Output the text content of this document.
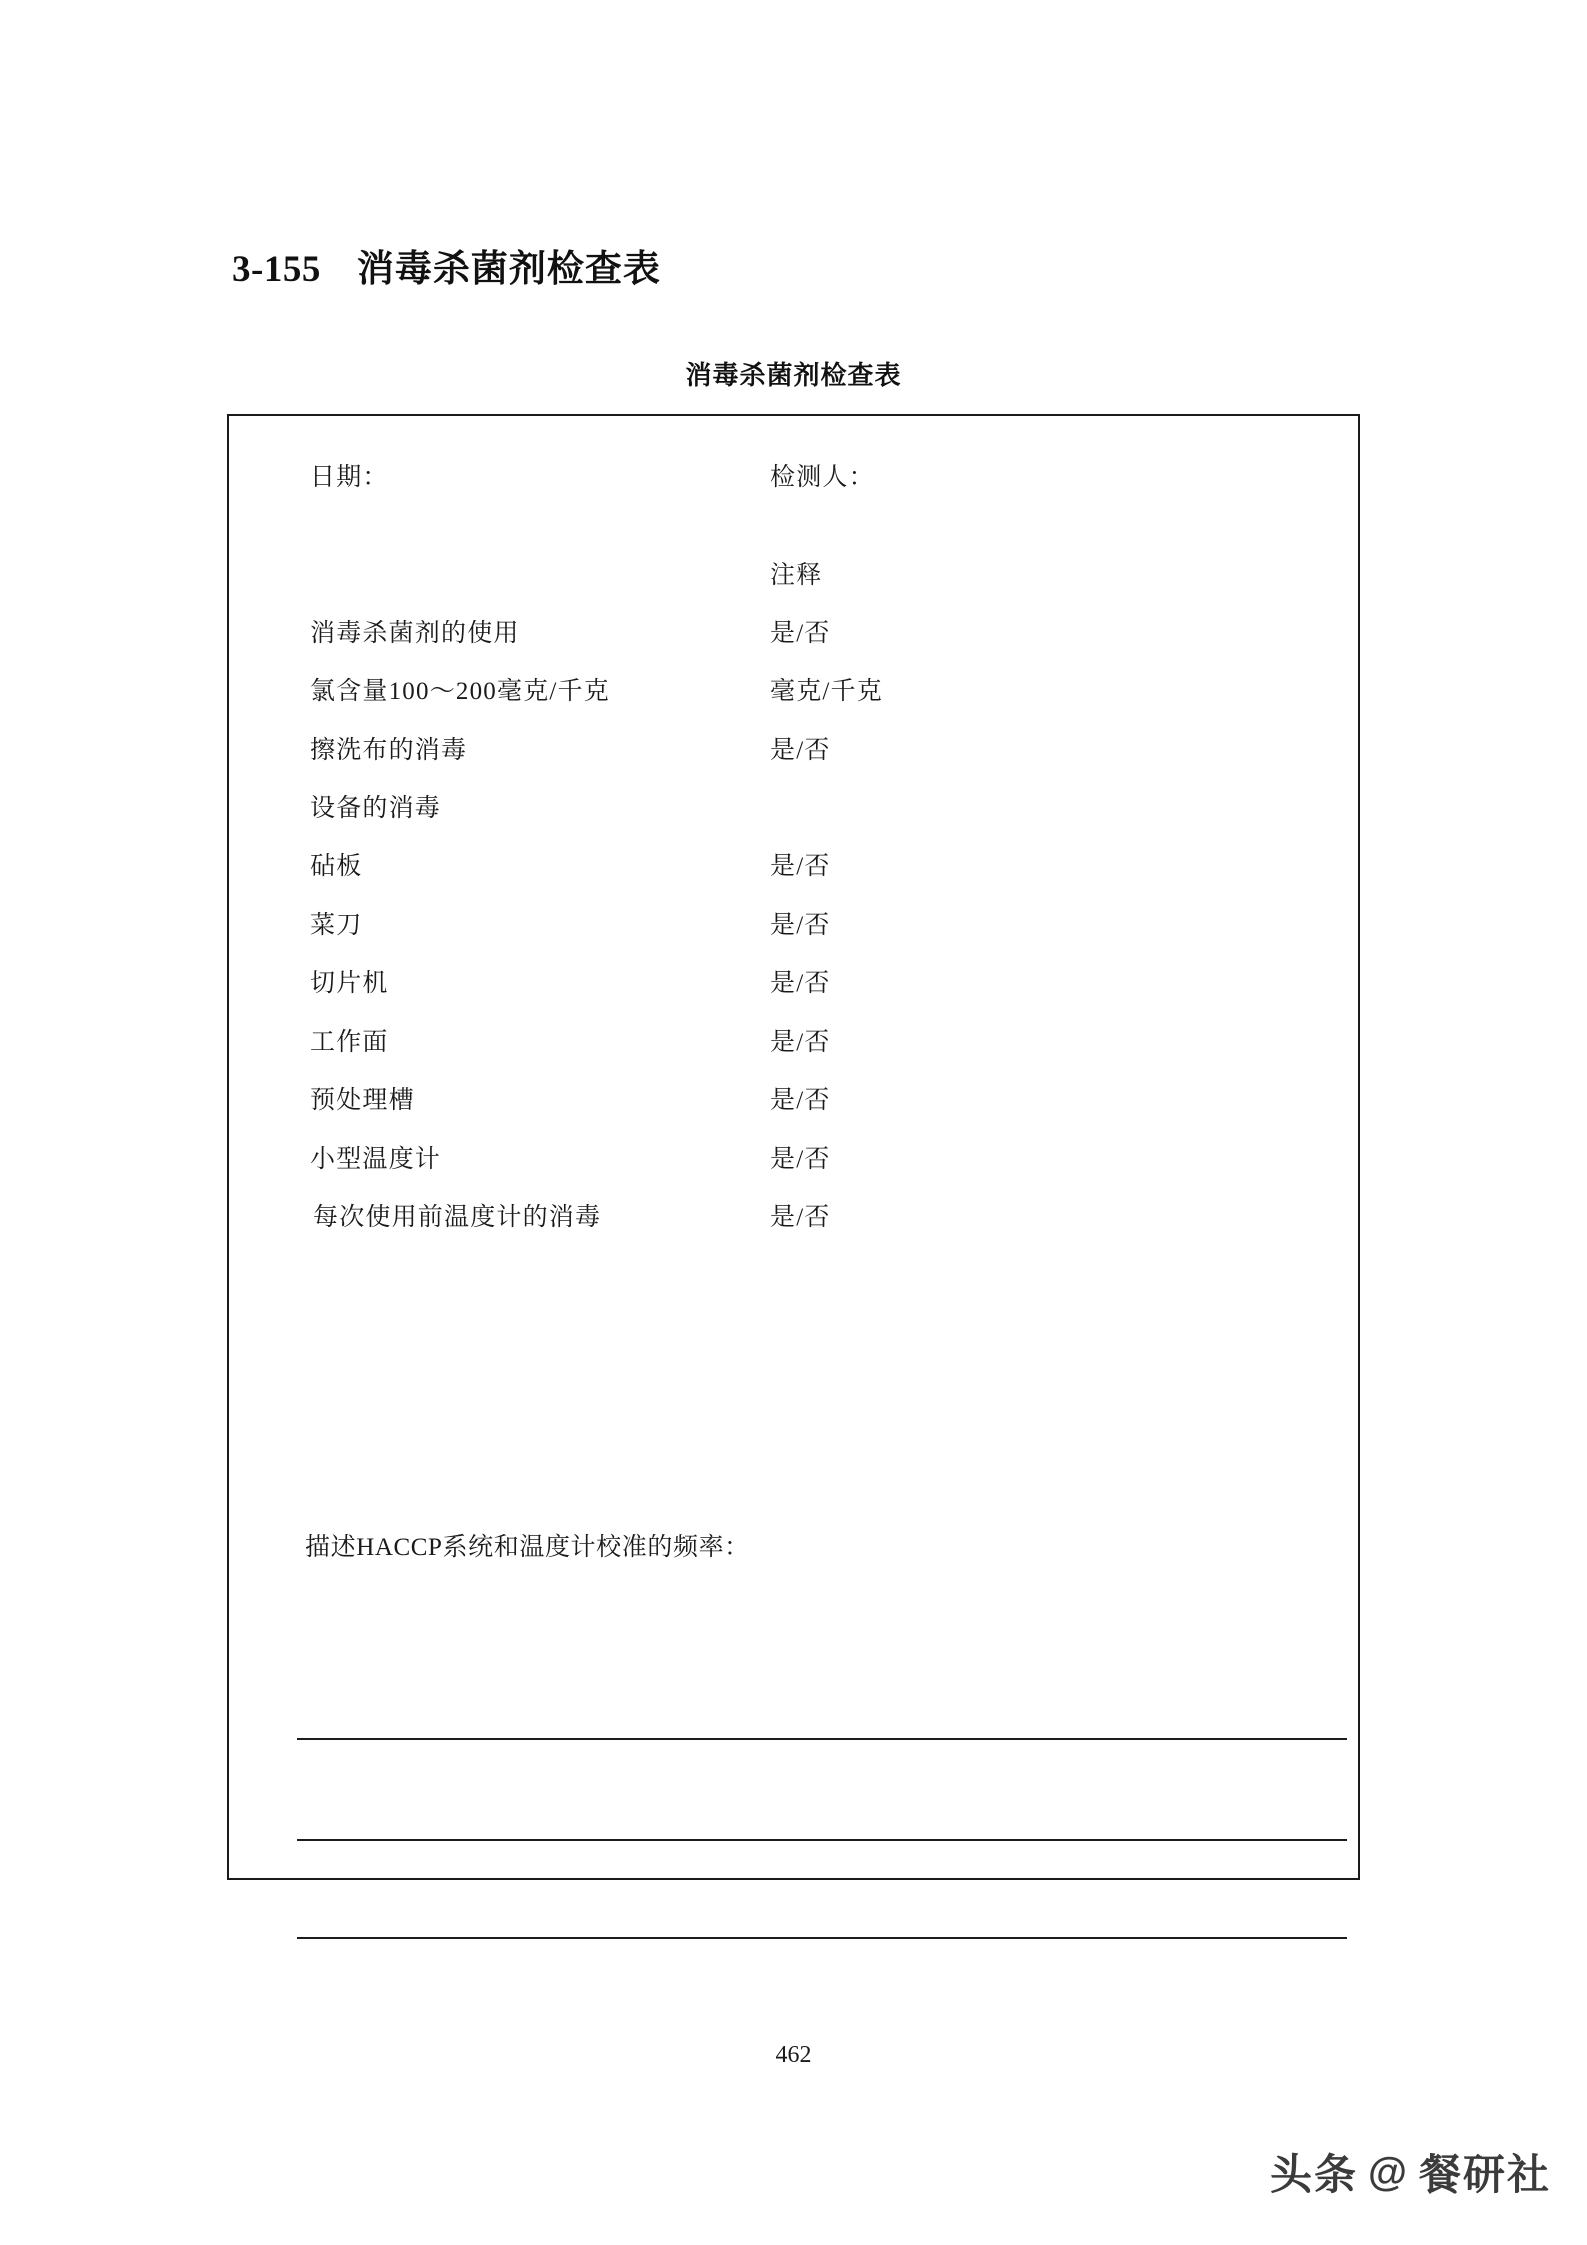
3-155 消毒杀菌剂检查表
消毒杀菌剂检查表
日期：	检测人：
注释
消毒杀菌剂的使用	是/否
氯含量100～200毫克/千克	毫克/千克
擦洗布的消毒	是/否
设备的消毒
砧板	是/否
菜刀	是/否
切片机	是/否
工作面	是/否
预处理槽	是/否
小型温度计	是/否
每次使用前温度计的消毒	是/否
描述HACCP系统和温度计校准的频率：
462
头条 @ 餐研社
